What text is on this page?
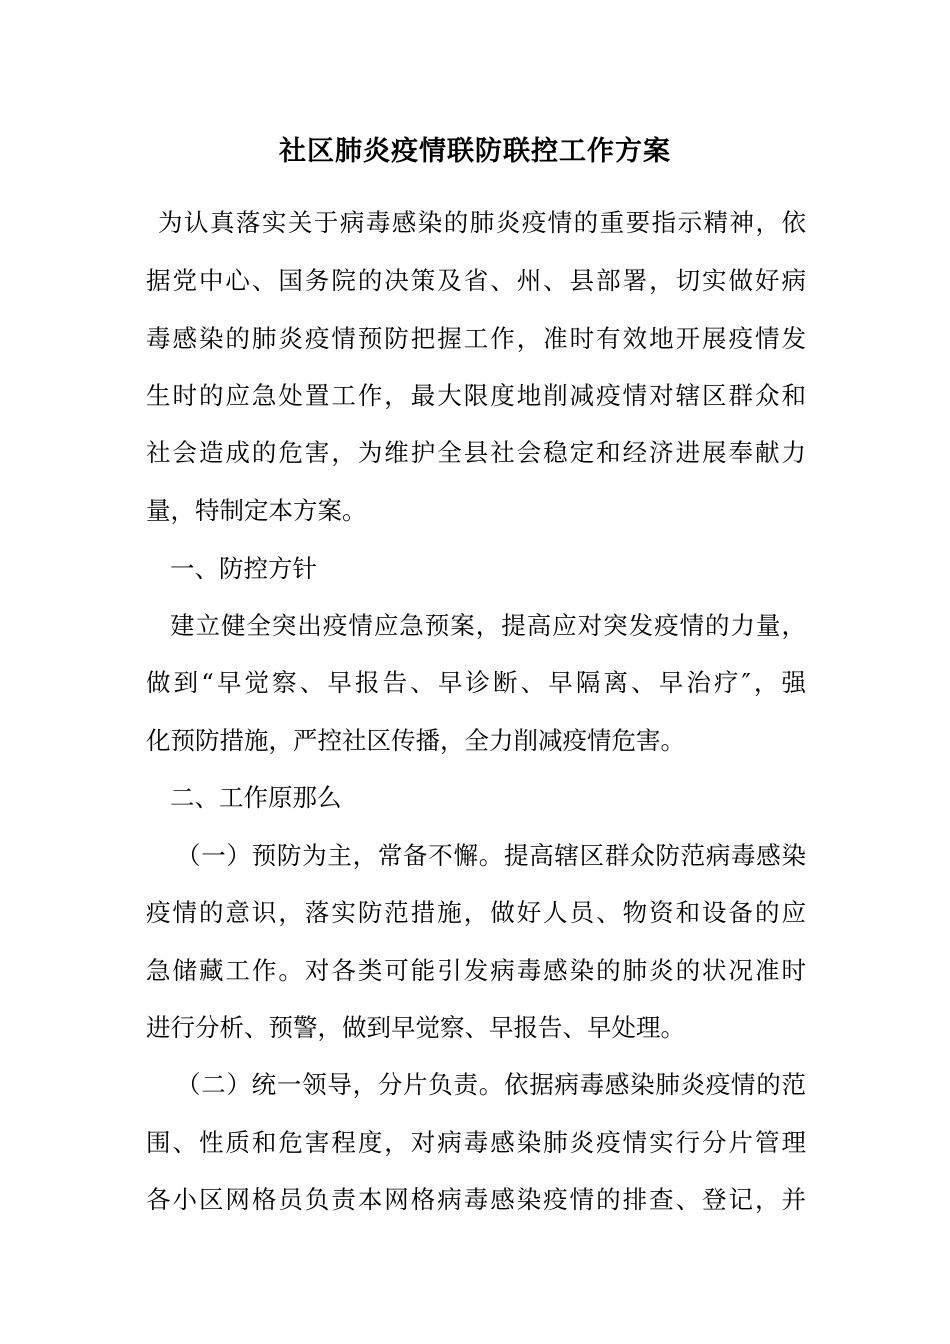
社区肺炎疫情联防联控工作方案
为认真落实关于病毒感染的肺炎疫情的重要指示精神，依
据党中心、国务院的决策及省、州、县部署，切实做好病
毒感染的肺炎疫情预防把握工作，准时有效地开展疫情发
生时的应急处置工作，最大限度地削减疫情对辖区群众和
社会造成的危害，为维护全县社会稳定和经济进展奉献力
量，特制定本方案。
一、防控方针
建立健全突出疫情应急预案，提高应对突发疫情的力量，
做到“早觉察、早报告、早诊断、早隔离、早治疗″，强
化预防措施，严控社区传播，全力削减疫情危害。
二、工作原那么
（一）预防为主，常备不懈。提高辖区群众防范病毒感染
疫情的意识，落实防范措施，做好人员、物资和设备的应
急储藏工作。对各类可能引发病毒感染的肺炎的状况准时
进行分析、预警，做到早觉察、早报告、早处理。
（二）统一领导，分片负责。依据病毒感染肺炎疫情的范
围、性质和危害程度，对病毒感染肺炎疫情实行分片管理
各小区网格员负责本网格病毒感染疫情的排查、登记，并
